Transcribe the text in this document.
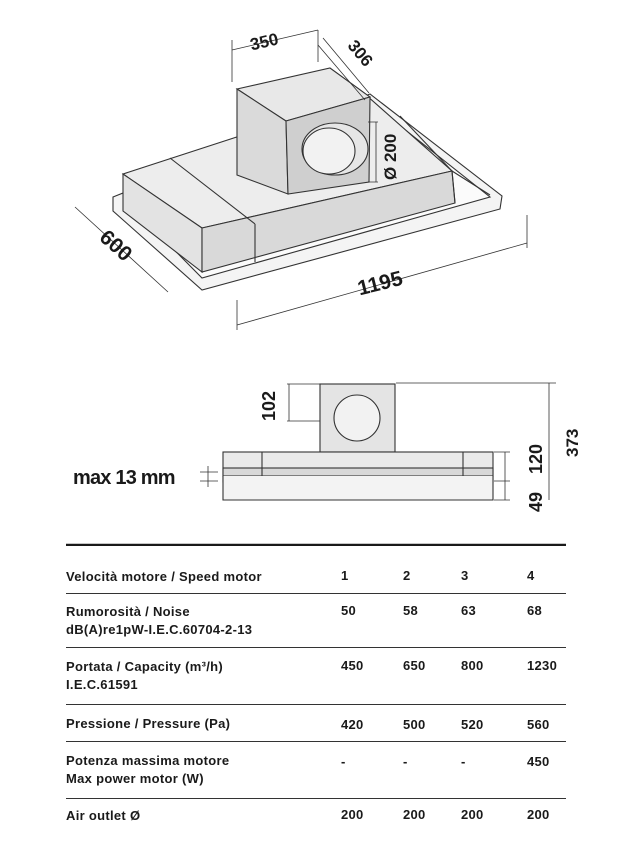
350	306
Ø 200
600
1195
102
120
49
373
max 13 mm
Velocità motore / Speed motor	1	2	3	4

Rumorosità / Noise
dB(A)re1pW-I.E.C.60704-2-13	50	58	63	68

Portata / Capacity (m³/h)
I.E.C.61591	450	650	800	1230
Pressione / Pressure (Pa)	420	500	520	560

Potenza massima motore
Max power motor (W)	-	-	-	450
Air outlet Ø	200	200	200	200
